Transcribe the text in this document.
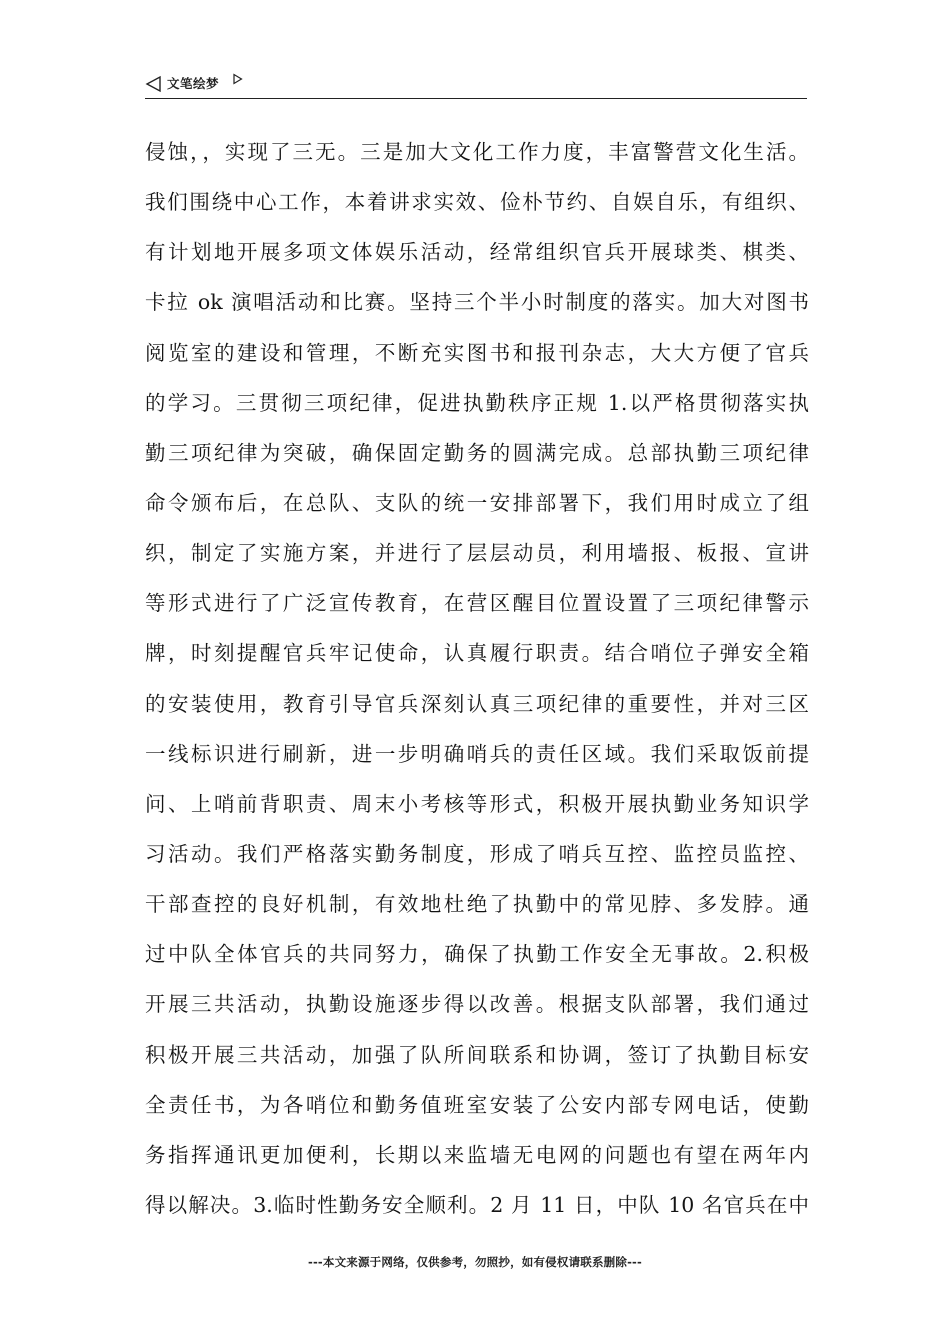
文笔绘梦
侵蚀，，实现了三无。三是加大文化工作力度，丰富警营文化生活。
我们围绕中心工作，本着讲求实效、俭朴节约、自娱自乐，有组织、
有计划地开展多项文体娱乐活动，经常组织官兵开展球类、棋类、
卡拉 ok 演唱活动和比赛。坚持三个半小时制度的落实。加大对图书
阅览室的建设和管理，不断充实图书和报刊杂志，大大方便了官兵
的学习。三贯彻三项纪律，促进执勤秩序正规 1.以严格贯彻落实执
勤三项纪律为突破，确保固定勤务的圆满完成。总部执勤三项纪律
命令颁布后，在总队、支队的统一安排部署下，我们用时成立了组
织，制定了实施方案，并进行了层层动员，利用墙报、板报、宣讲
等形式进行了广泛宣传教育，在营区醒目位置设置了三项纪律警示
牌，时刻提醒官兵牢记使命，认真履行职责。结合哨位子弹安全箱
的安装使用，教育引导官兵深刻认真三项纪律的重要性，并对三区
一线标识进行刷新，进一步明确哨兵的责任区域。我们采取饭前提
问、上哨前背职责、周末小考核等形式，积极开展执勤业务知识学
习活动。我们严格落实勤务制度，形成了哨兵互控、监控员监控、
干部查控的良好机制，有效地杜绝了执勤中的常见脖、多发脖。通
过中队全体官兵的共同努力，确保了执勤工作安全无事故。2.积极
开展三共活动，执勤设施逐步得以改善。根据支队部署，我们通过
积极开展三共活动，加强了队所间联系和协调，签订了执勤目标安
全责任书，为各哨位和勤务值班室安装了公安内部专网电话，使勤
务指挥通讯更加便利，长期以来监墙无电网的问题也有望在两年内
得以解决。3.临时性勤务安全顺利。2 月 11 日，中队 10 名官兵在中
---本文来源于网络，仅供参考，勿照抄，如有侵权请联系删除---
